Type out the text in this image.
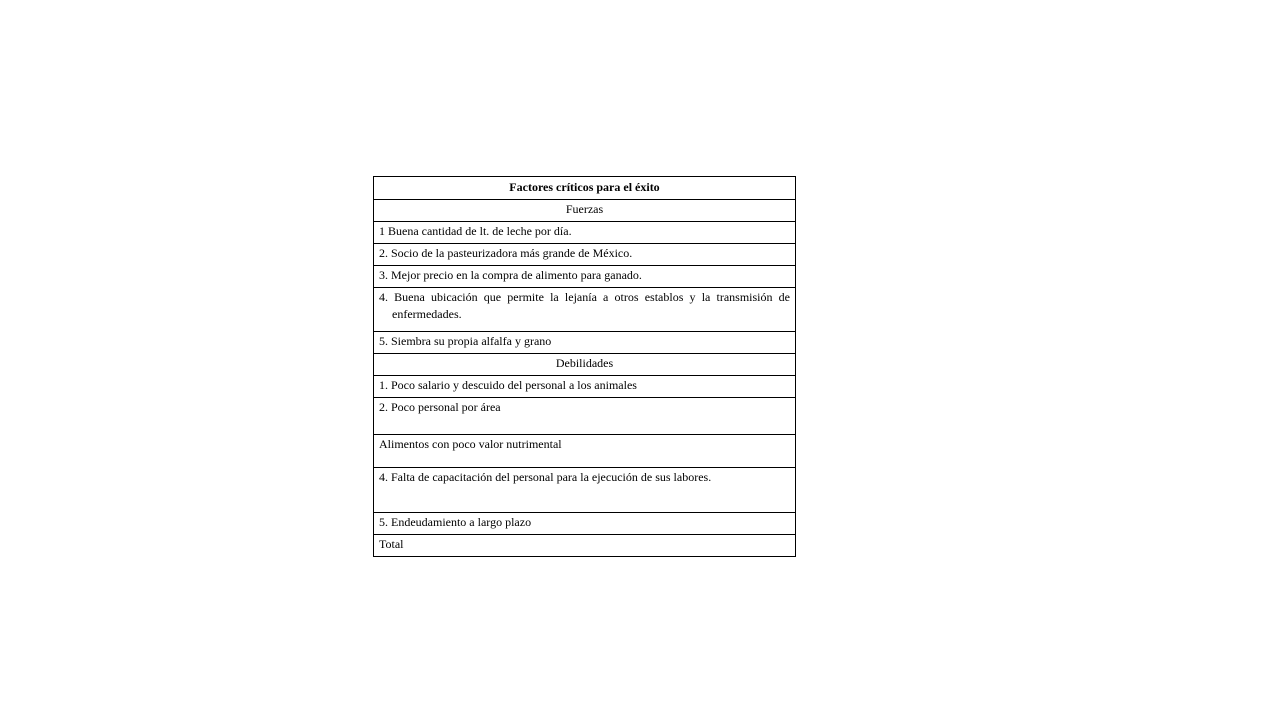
Factores críticos para el éxito
Fuerzas
1 Buena cantidad de lt. de leche por día.
2. Socio de la pasteurizadora más grande de México.
3. Mejor precio en la compra de alimento para ganado.

4. Buena ubicación que permite la lejanía a otros establos y la transmisión de enfermedades.

5. Siembra su propia alfalfa y grano
Debilidades
1. Poco salario y descuido del personal a los animales
2. Poco personal por área
Alimentos con poco valor nutrimental
4. Falta de capacitación del personal para la ejecución de sus labores.
5. Endeudamiento a largo plazo
Total
